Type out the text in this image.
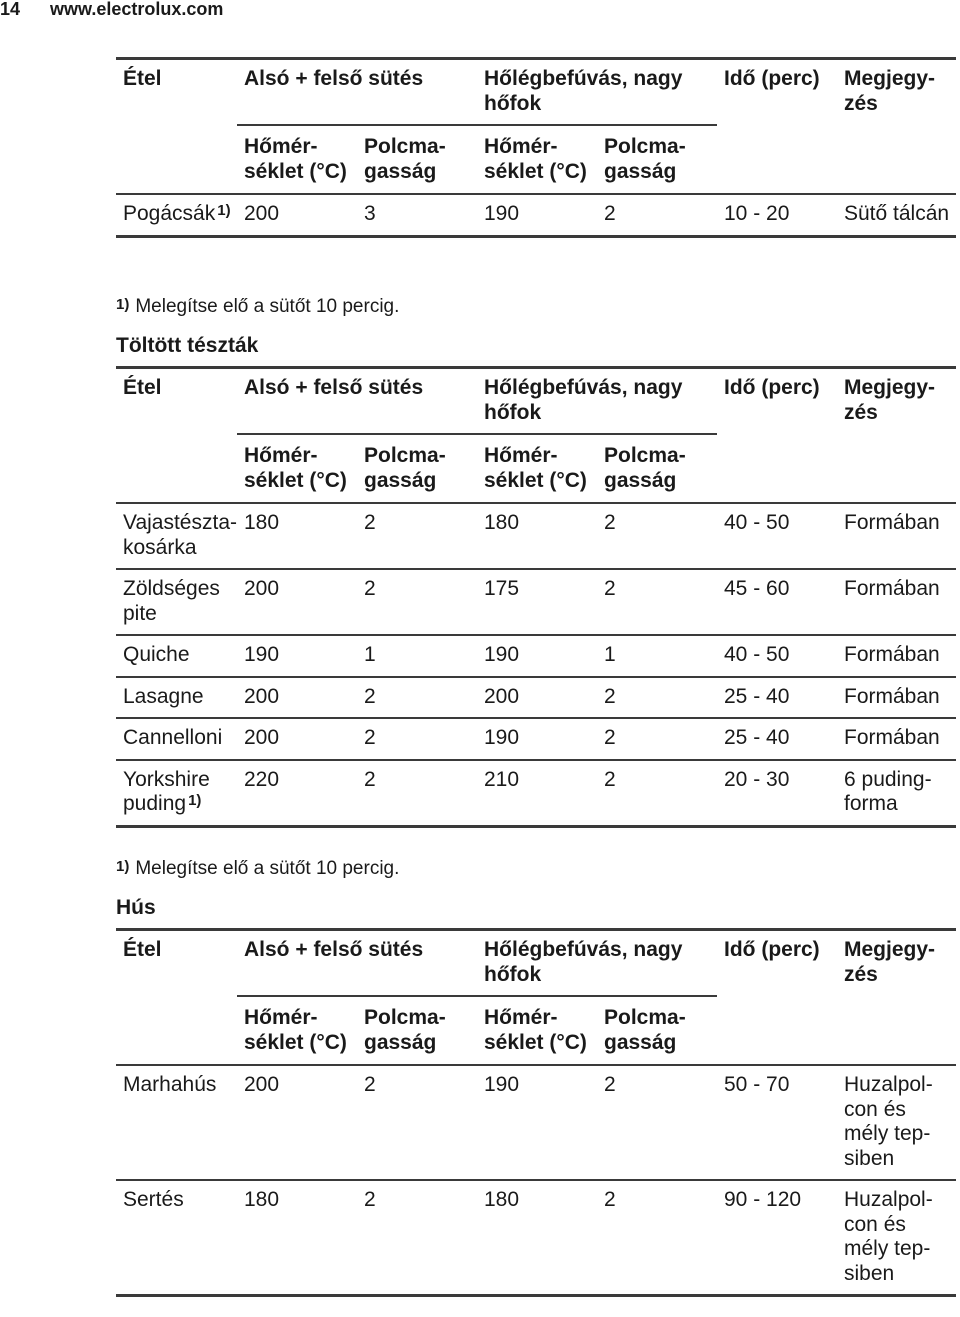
14 www.electrolux.com
Étel	Alsó + felső sütés		Hőlégbefúvás, nagy hőfok		Idő (perc)	Megjegyzés
	Hőmérséklet (°C)	Polcmagasság	Hőmérséklet (°C)	Polcmagasság		
Pogácsák $^{1)}$	200	3	190	2	10 - 20	Sütő tálcán
$^{1)}$ Melegítse elő a sütőt 10 percig.
Töltött tészták
Étel	Alsó + felső sütés		Hőlégbefúvás, nagy hőfok		Idő (perc)	Megjegyzés
	Hőmérséklet (°C)	Polcmagasság	Hőmérséklet (°C)	Polcmagasság		
Vajastészta-kosárka	180	2	180	2	40 - 50	Formában
Zöldséges pite	200	2	175	2	45 - 60	Formában
Quiche	190	1	190	1	40 - 50	Formában
Lasagne	200	2	200	2	25 - 40	Formában
Cannelloni	200	2	190	2	25 - 40	Formában
Yorkshire puding $^{1)}$	220	2	210	2	20 - 30	6 pudingforma
$^{1)}$ Melegítse elő a sütőt 10 percig.
Hús
Étel	Alsó + felső sütés		Hőlégbefúvás, nagy hőfok		Idő (perc)	Megjegyzés
	Hőmérséklet (°C)	Polcmagasság	Hőmérséklet (°C)	Polcmagasság		
Marhahús	200	2	190	2	50 - 70	Huzalpolcon és mély tepsiben
Sertés	180	2	180	2	90 - 120	Huzalpolcon és mély tepsiben
